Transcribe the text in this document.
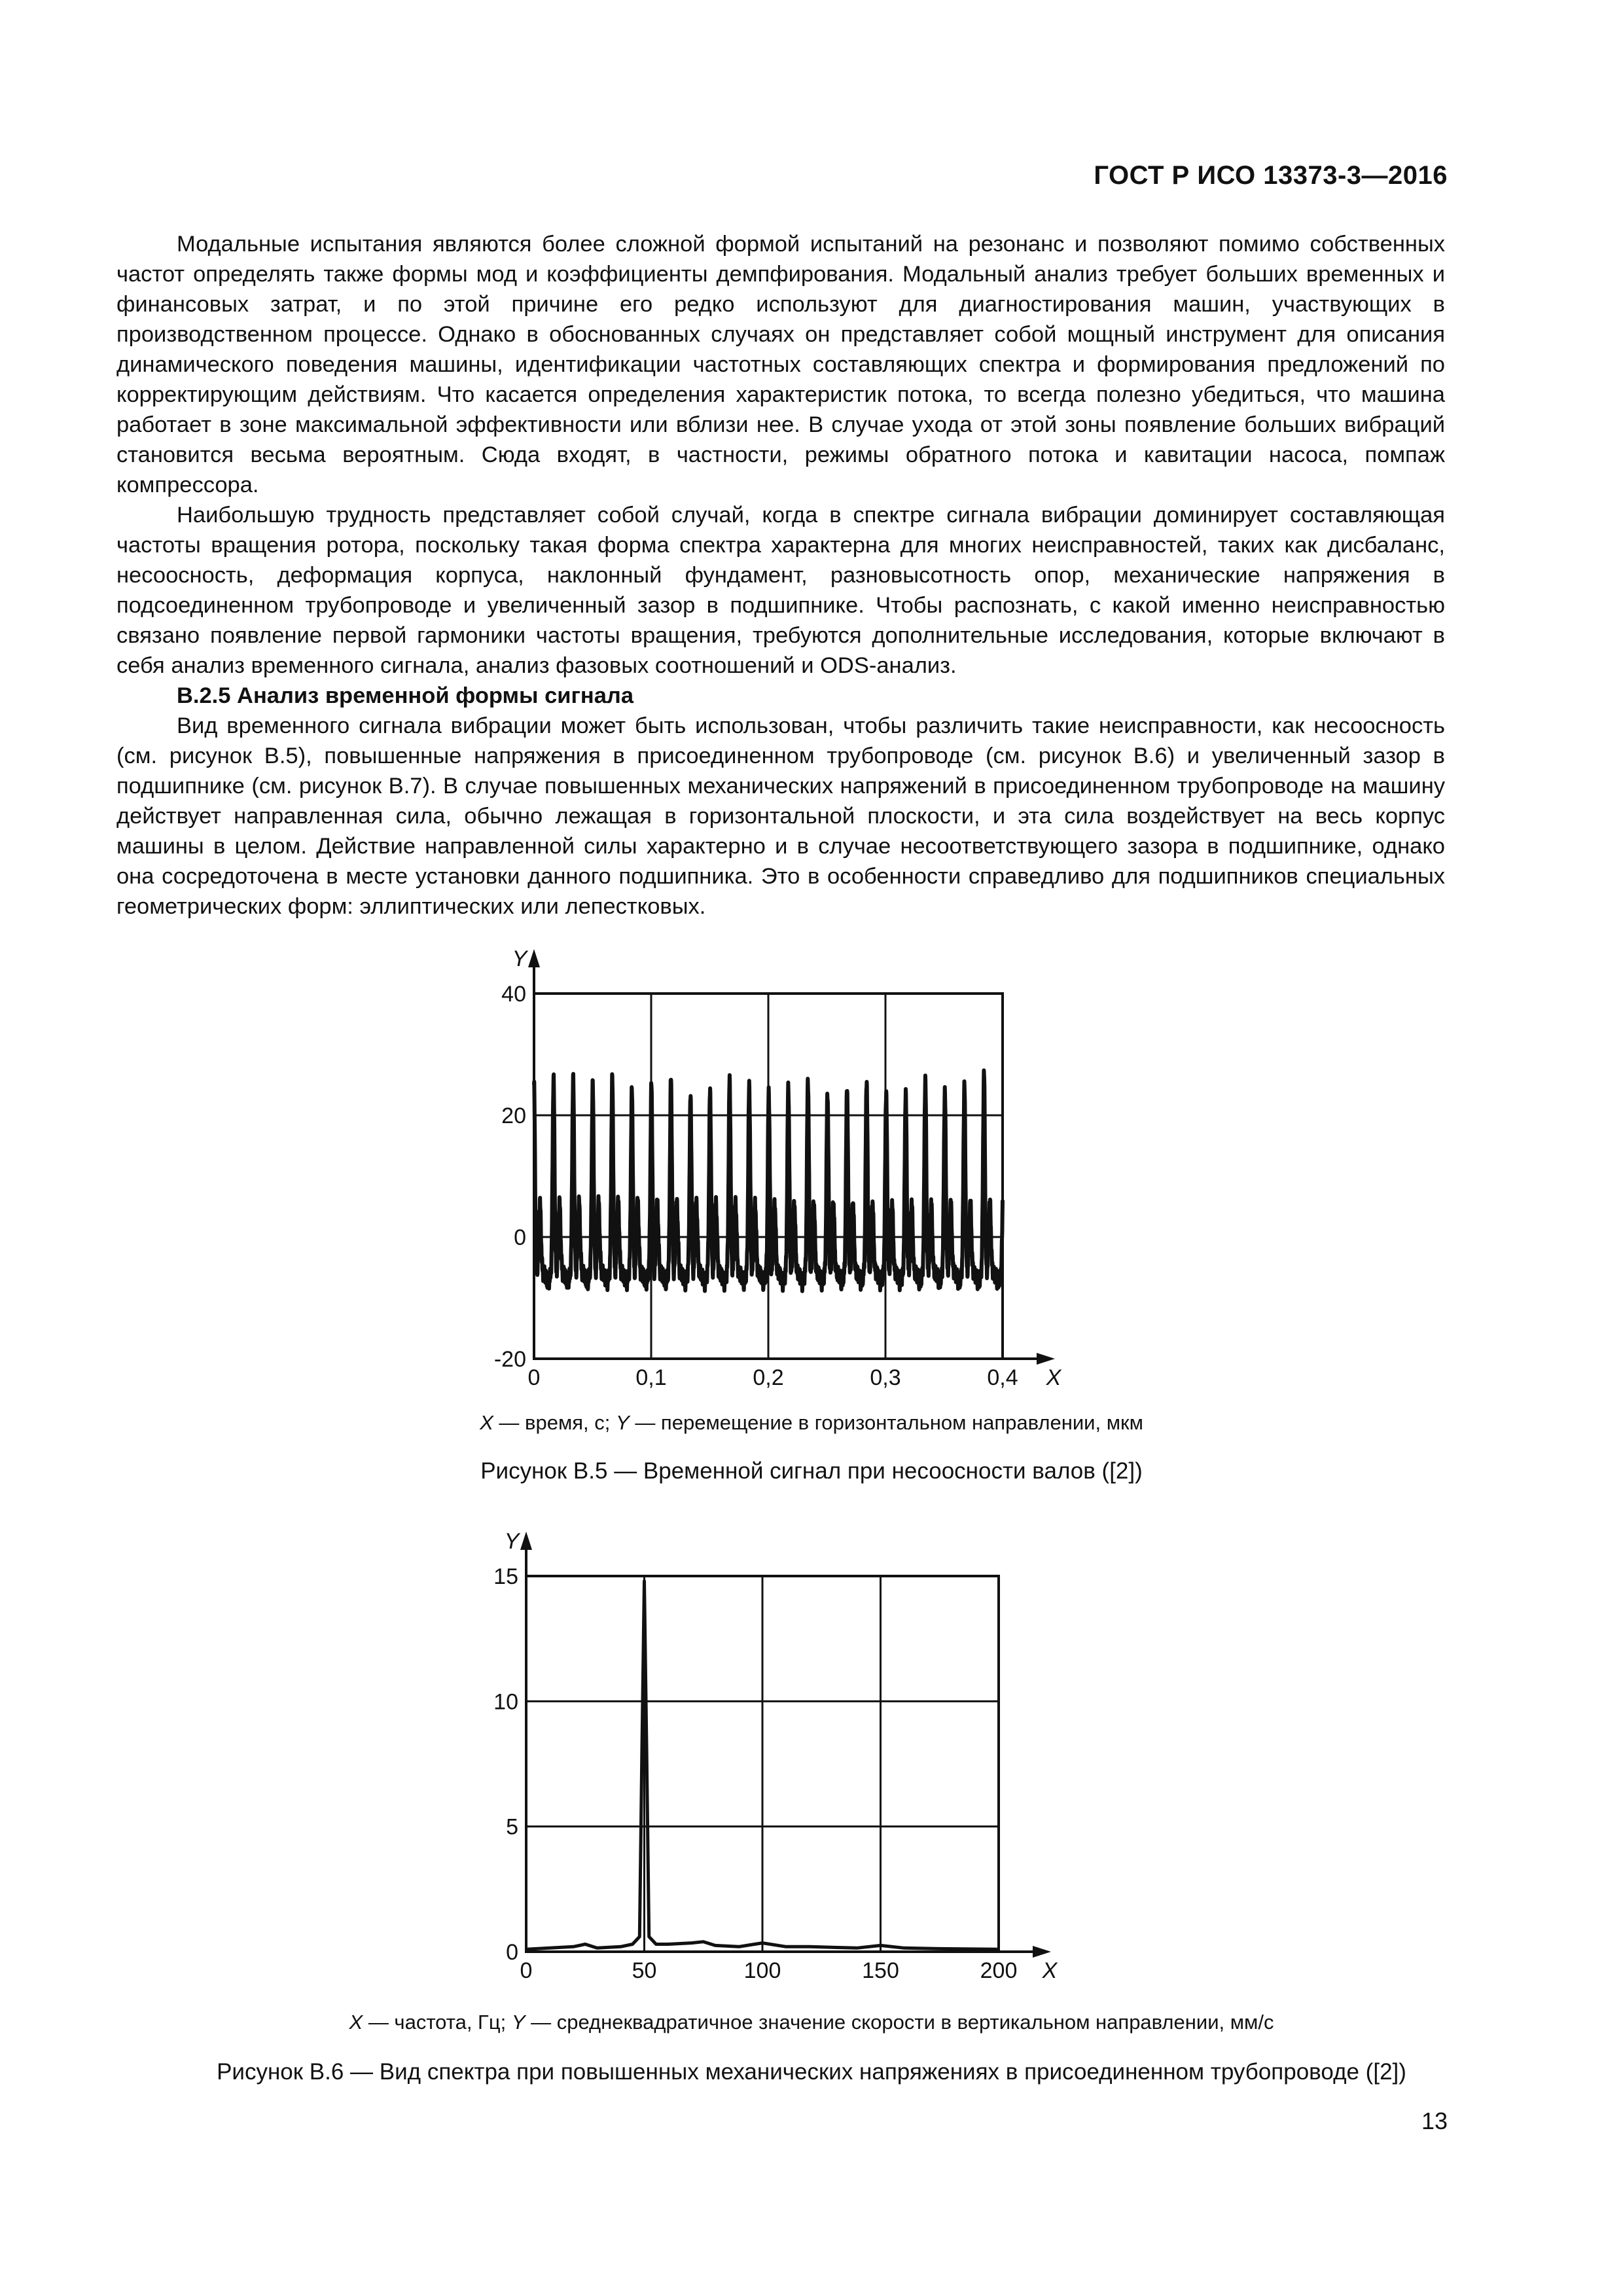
ГОСТ Р ИСО 13373-3—2016

Модальные испытания являются более сложной формой испытаний на резонанс и позволяют помимо собственных частот определять также формы мод и коэффициенты демпфирования. Модальный анализ требует больших временных и финансовых затрат, и по этой причине его редко используют для диагностирования машин, участвующих в производственном процессе. Однако в обоснованных случаях он представляет собой мощный инструмент для описания динамического поведения машины, идентификации частотных составляющих спектра и формирования предложений по корректирующим действиям. Что касается определения характеристик потока, то всегда полезно убедиться, что машина работает в зоне максимальной эффективности или вблизи нее. В случае ухода от этой зоны появление больших вибраций становится весьма вероятным. Сюда входят, в частности, режимы обратного потока и кавитации насоса, помпаж компрессора.

Наибольшую трудность представляет собой случай, когда в спектре сигнала вибрации доминирует составляющая частоты вращения ротора, поскольку такая форма спектра характерна для многих неисправностей, таких как дисбаланс, несоосность, деформация корпуса, наклонный фундамент, разновысотность опор, механические напряжения в подсоединенном трубопроводе и увеличенный зазор в подшипнике. Чтобы распознать, с какой именно неисправностью связано появление первой гармоники частоты вращения, требуются дополнительные исследования, которые включают в себя анализ временного сигнала, анализ фазовых соотношений и ODS-анализ.

B.2.5 Анализ временной формы сигнала

Вид временного сигнала вибрации может быть использован, чтобы различить такие неисправности, как несоосность (см. рисунок В.5), повышенные напряжения в присоединенном трубопроводе (см. рисунок В.6) и увеличенный зазор в подшипнике (см. рисунок В.7). В случае повышенных механических напряжений в присоединенном трубопроводе на машину действует направленная сила, обычно лежащая в горизонтальной плоскости, и эта сила воздействует на весь корпус машины в целом. Действие направленной силы характерно и в случае несоответствующего зазора в подшипнике, однако она сосредоточена в месте установки данного подшипника. Это в особенности справедливо для подшипников специальных геометрических форм: эллиптических или лепестковых.

0	0,1	0,2	0,3	0,4
-20
0
20
40
Y
X
X — время, с; Y — перемещение в горизонтальном направлении, мкм
Рисунок В.5 — Временной сигнал при несоосности валов ([2])
X — частота, Гц; Y — среднеквадратичное значение скорости в вертикальном направлении, мм/с
Рисунок В.6 — Вид спектра при повышенных механических напряжениях в присоединенном трубопроводе ([2])
13
0	50	100	150	200
0
5
10
15
Y
X
